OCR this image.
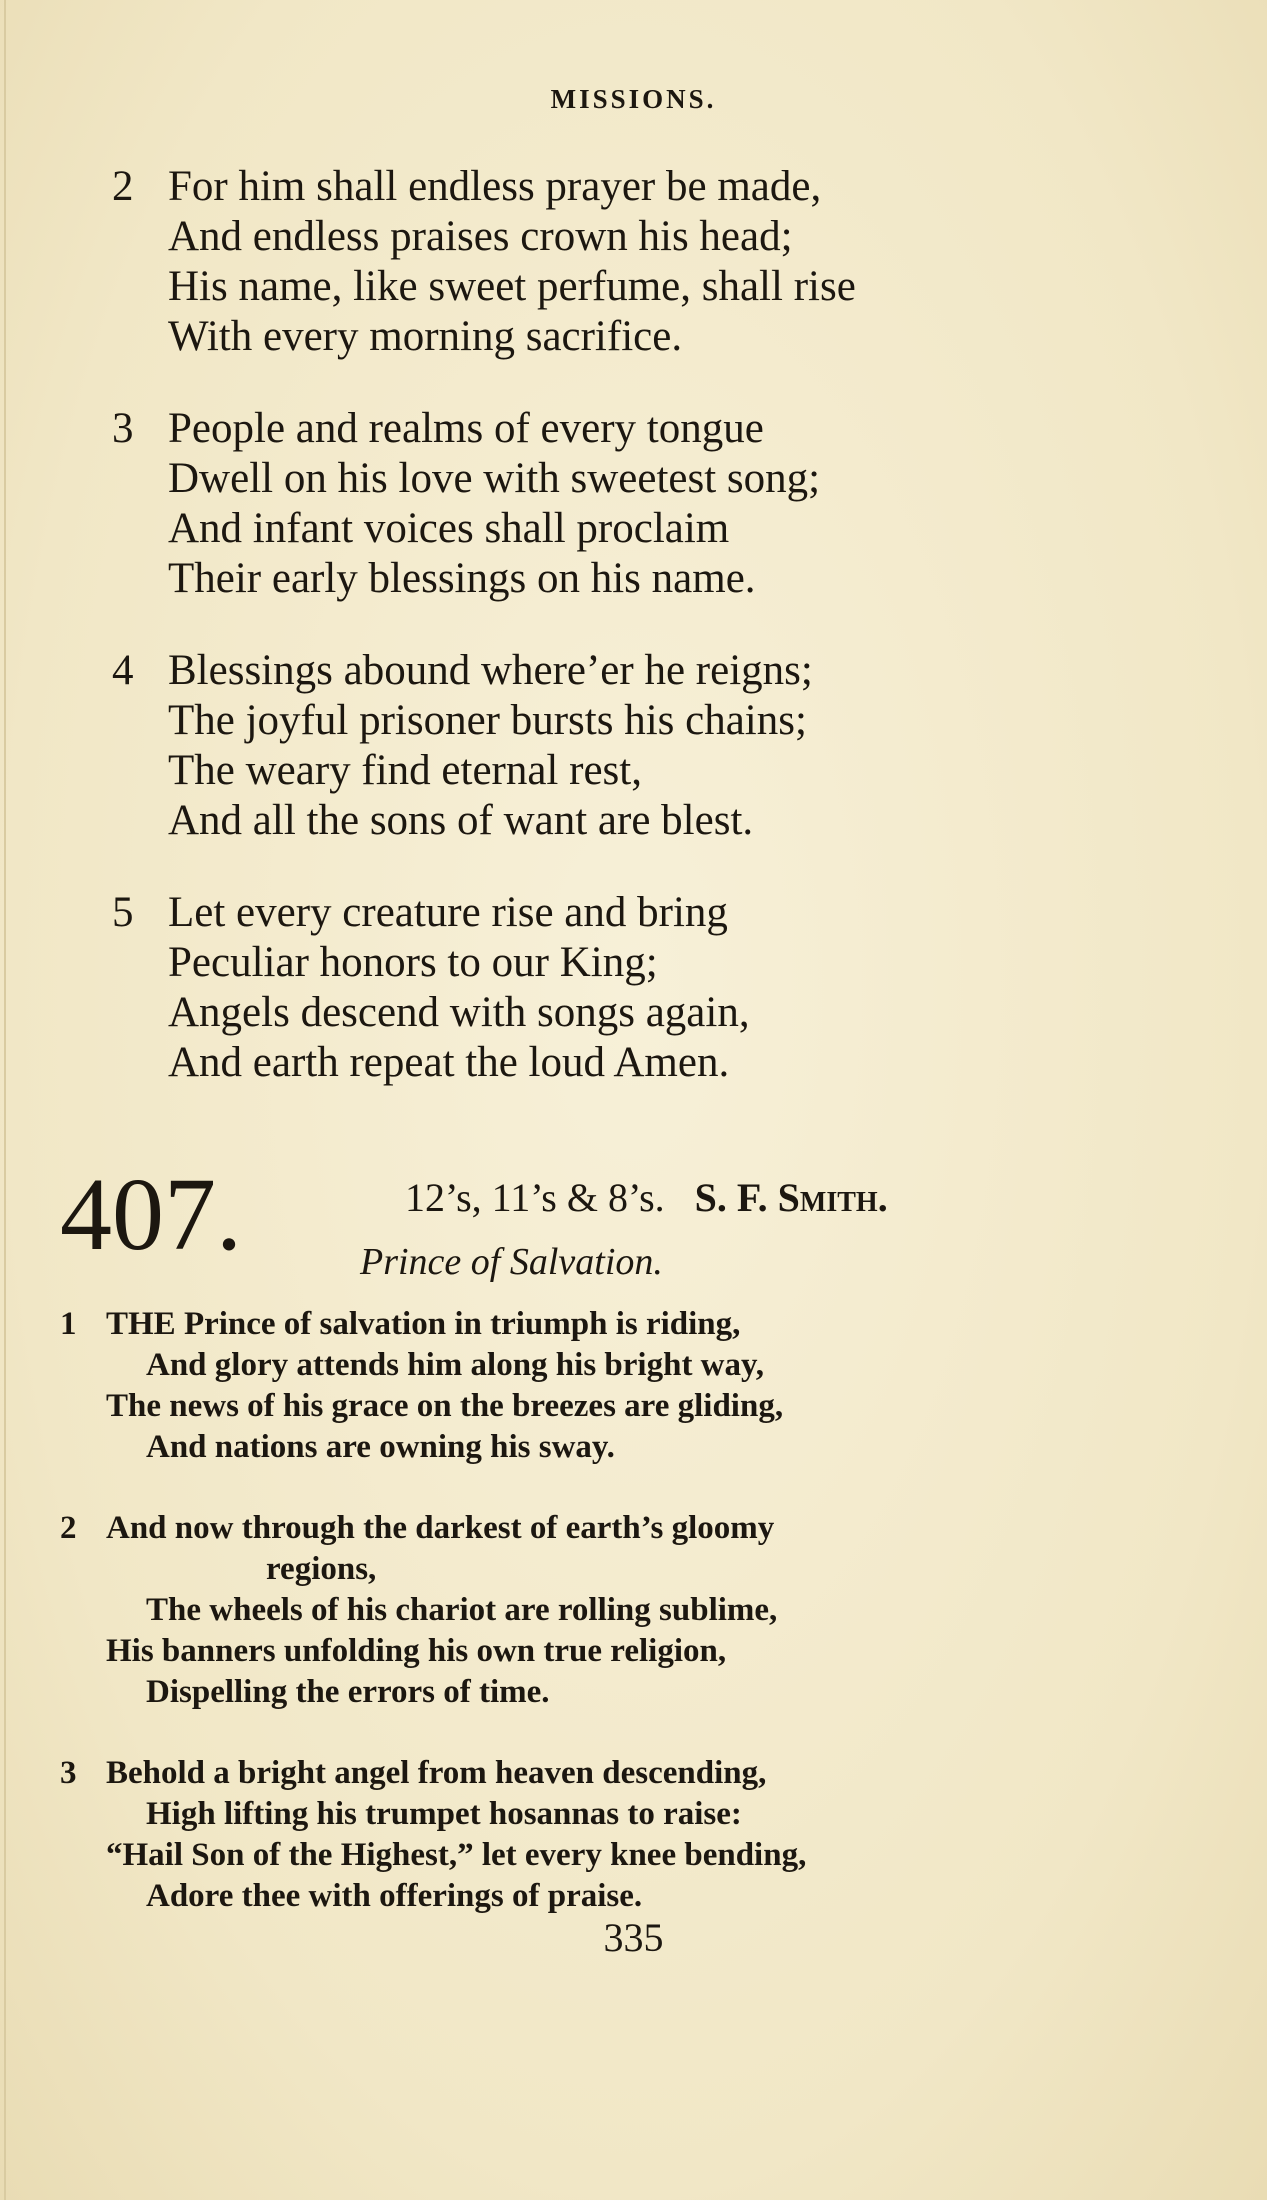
MISSIONS.
2 For him shall endless prayer be made,
And endless praises crown his head;
His name, like sweet perfume, shall rise
With every morning sacrifice.
3 People and realms of every tongue
Dwell on his love with sweetest song;
And infant voices shall proclaim
Their early blessings on his name.
4 Blessings abound where’er he reigns;
The joyful prisoner bursts his chains;
The weary find eternal rest,
And all the sons of want are blest.
5 Let every creature rise and bring
Peculiar honors to our King;
Angels descend with songs again,
And earth repeat the loud Amen.
407.	12’s, 11’s & 8’s. S. F. Smith.
Prince of Salvation.
1 THE Prince of salvation in triumph is riding,
And glory attends him along his bright way,
The news of his grace on the breezes are gliding,
And nations are owning his sway.
2 And now through the darkest of earth’s gloomy
regions,
The wheels of his chariot are rolling sublime,
His banners unfolding his own true religion,
Dispelling the errors of time.
3 Behold a bright angel from heaven descending,
High lifting his trumpet hosannas to raise:
“Hail Son of the Highest,” let every knee bending,
Adore thee with offerings of praise.
335
